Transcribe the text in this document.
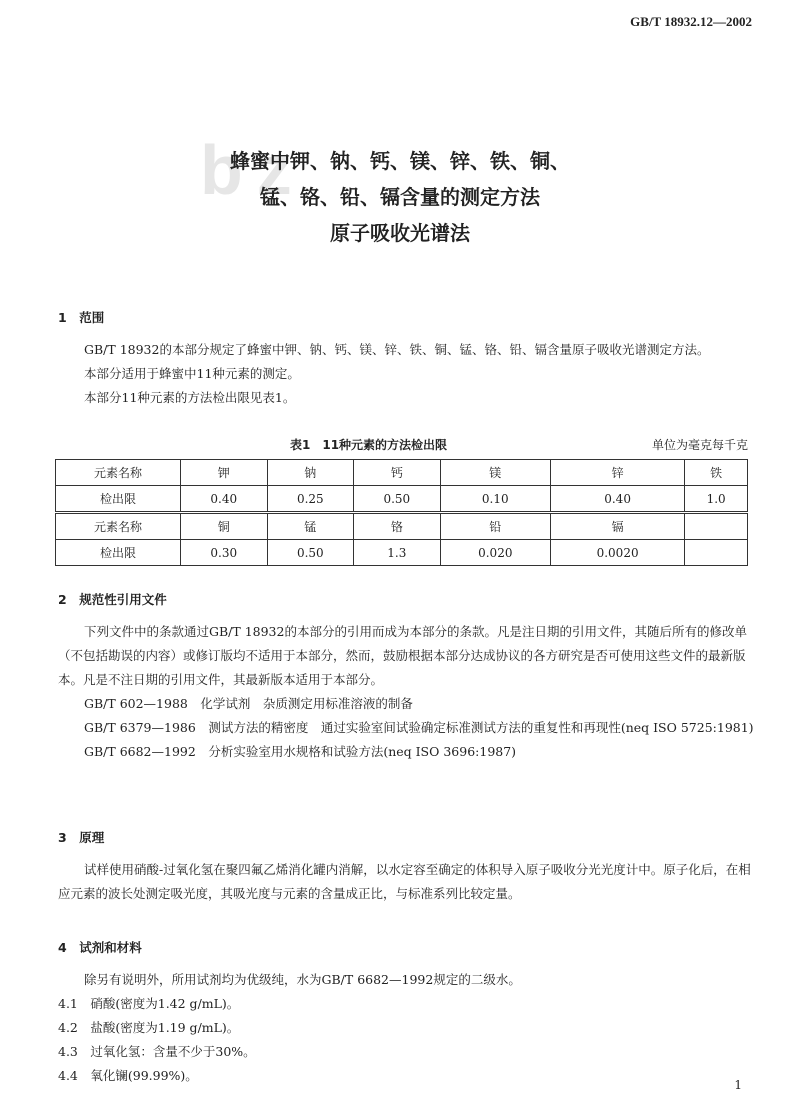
GB/T 18932.12—2002
bz
蜂蜜中钾、钠、钙、镁、锌、铁、铜、
锰、铬、铅、镉含量的测定方法
原子吸收光谱法
1　范围

GB/T 18932的本部分规定了蜂蜜中钾、钠、钙、镁、锌、铁、铜、锰、铬、铅、镉含量原子吸收光谱测定方法。

本部分适用于蜂蜜中11种元素的测定。

本部分11种元素的方法检出限见表1。

表1　11种元素的方法检出限	单位为毫克每千克
元素名称	钾	钠	钙	镁	锌	铁
检出限	0.40	0.25	0.50	0.10	0.40	1.0
元素名称	铜	锰	铬	铅	镉	
检出限	0.30	0.50	1.3	0.020	0.0020	
2　规范性引用文件

下列文件中的条款通过GB/T 18932的本部分的引用而成为本部分的条款。凡是注日期的引用文件，其随后所有的修改单（不包括勘误的内容）或修订版均不适用于本部分，然而，鼓励根据本部分达成协议的各方研究是否可使用这些文件的最新版本。凡是不注日期的引用文件，其最新版本适用于本部分。

GB/T 602—1988　化学试剂　杂质测定用标准溶液的制备

GB/T 6379—1986　测试方法的精密度　通过实验室间试验确定标准测试方法的重复性和再现性(neq ISO 5725:1981)

GB/T 6682—1992　分析实验室用水规格和试验方法(neq ISO 3696:1987)

3　原理

试样使用硝酸-过氧化氢在聚四氟乙烯消化罐内消解，以水定容至确定的体积导入原子吸收分光光度计中。原子化后，在相应元素的波长处测定吸光度，其吸光度与元素的含量成正比，与标准系列比较定量。

4　试剂和材料

除另有说明外，所用试剂均为优级纯，水为GB/T 6682—1992规定的二级水。

4.1　硝酸(密度为1.42 g/mL)。

4.2　盐酸(密度为1.19 g/mL)。

4.3　过氧化氢：含量不少于30%。

4.4　氧化镧(99.99%)。

1
